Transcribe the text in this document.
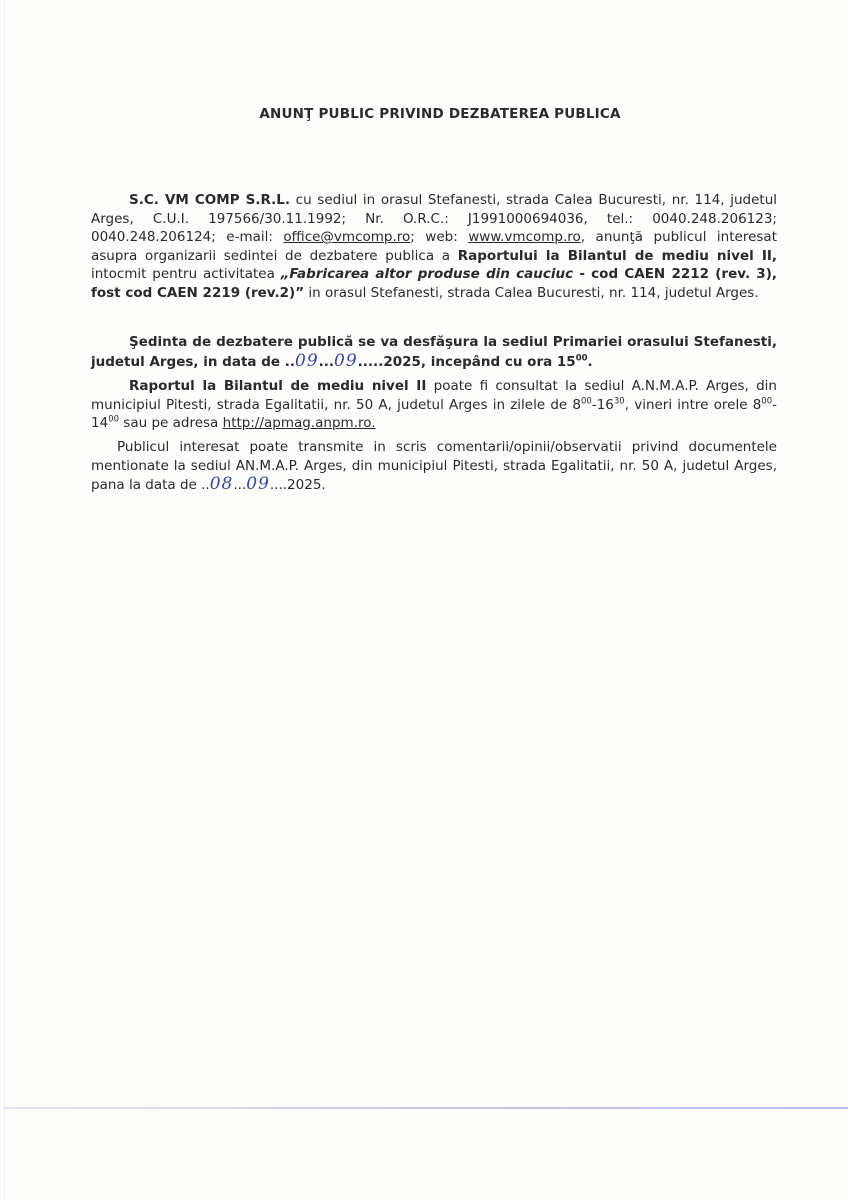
ANUNŢ PUBLIC PRIVIND DEZBATEREA PUBLICA
S.C. VM COMP S.R.L. cu sediul in orasul Stefanesti, strada Calea Bucuresti, nr. 114, judetul Arges, C.U.I. 197566/30.11.1992; Nr. O.R.C.: J1991000694036, tel.: 0040.248.206123; 0040.248.206124; e-mail: office@vmcomp.ro; web: www.vmcomp.ro, anunţă publicul interesat asupra organizarii sedintei de dezbatere publica a Raportului la Bilantul de mediu nivel II, intocmit pentru activitatea „Fabricarea altor produse din cauciuc - cod CAEN 2212 (rev. 3), fost cod CAEN 2219 (rev.2)” in orasul Stefanesti, strada Calea Bucuresti, nr. 114, judetul Arges.
Şedinta de dezbatere publică se va desfăşura la sediul Primariei orasului Stefanesti, judetul Arges, in data de ..09...09.....2025, incepând cu ora $15^{00}$.
Raportul la Bilantul de mediu nivel II poate fi consultat la sediul A.N.M.A.P. Arges, din municipiul Pitesti, strada Egalitatii, nr. 50 A, judetul Arges in zilele de $8^{00}-16^{30}$, vineri intre orele $8^{00}-14^{00}$ sau pe adresa http://apmag.anpm.ro.
Publicul interesat poate transmite in scris comentarii/opinii/observatii privind documentele mentionate la sediul AN.M.A.P. Arges, din municipiul Pitesti, strada Egalitatii, nr. 50 A, judetul Arges, pana la data de ..08...09....2025.
